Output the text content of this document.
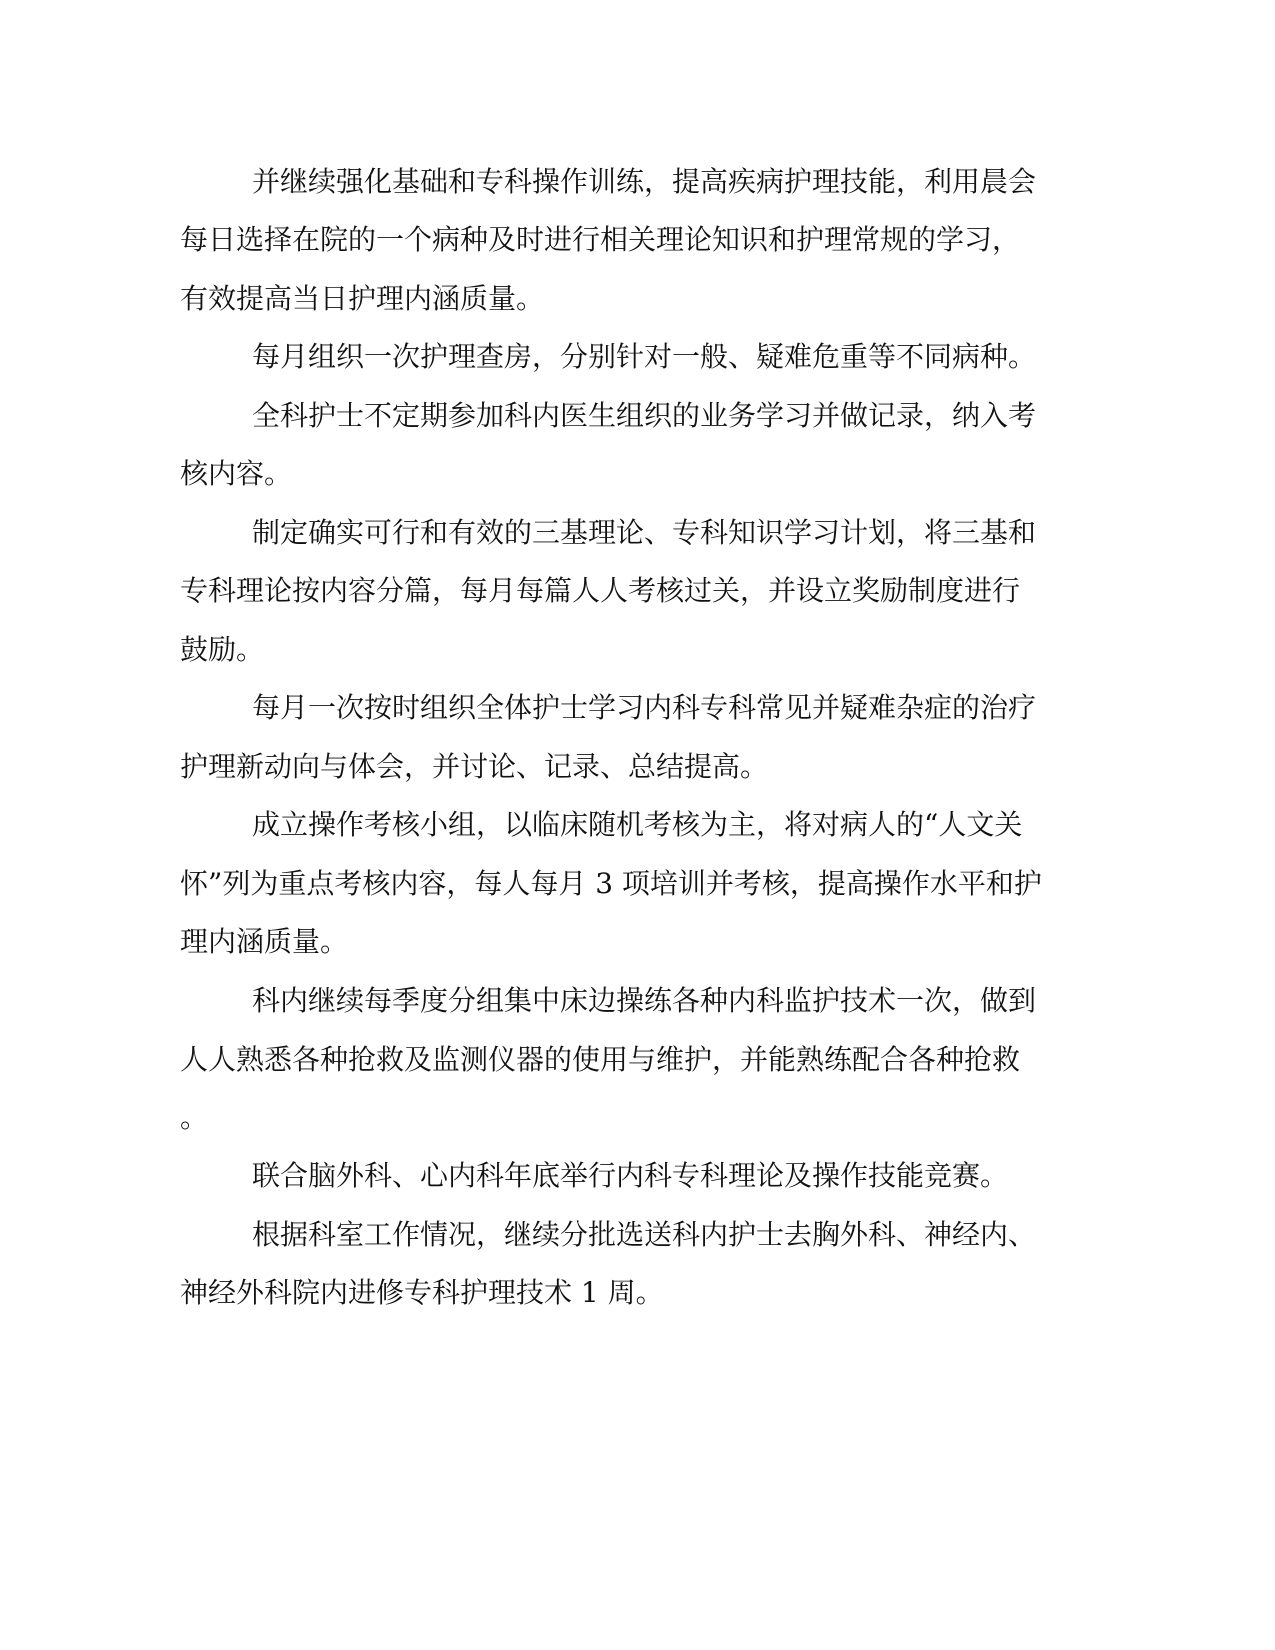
并继续强化基础和专科操作训练，提高疾病护理技能，利用晨会

每日选择在院的一个病种及时进行相关理论知识和护理常规的学习，

有效提高当日护理内涵质量。

每月组织一次护理查房，分别针对一般、疑难危重等不同病种。

全科护士不定期参加科内医生组织的业务学习并做记录，纳入考

核内容。

制定确实可行和有效的三基理论、专科知识学习计划，将三基和

专科理论按内容分篇，每月每篇人人考核过关，并设立奖励制度进行

鼓励。

每月一次按时组织全体护士学习内科专科常见并疑难杂症的治疗

护理新动向与体会，并讨论、记录、总结提高。

成立操作考核小组，以临床随机考核为主，将对病人的“人文关

怀”列为重点考核内容，每人每月 3 项培训并考核，提高操作水平和护

理内涵质量。

科内继续每季度分组集中床边操练各种内科监护技术一次，做到

人人熟悉各种抢救及监测仪器的使用与维护，并能熟练配合各种抢救

。

联合脑外科、心内科年底举行内科专科理论及操作技能竞赛。

根据科室工作情况，继续分批选送科内护士去胸外科、神经内、

神经外科院内进修专科护理技术 1 周。
